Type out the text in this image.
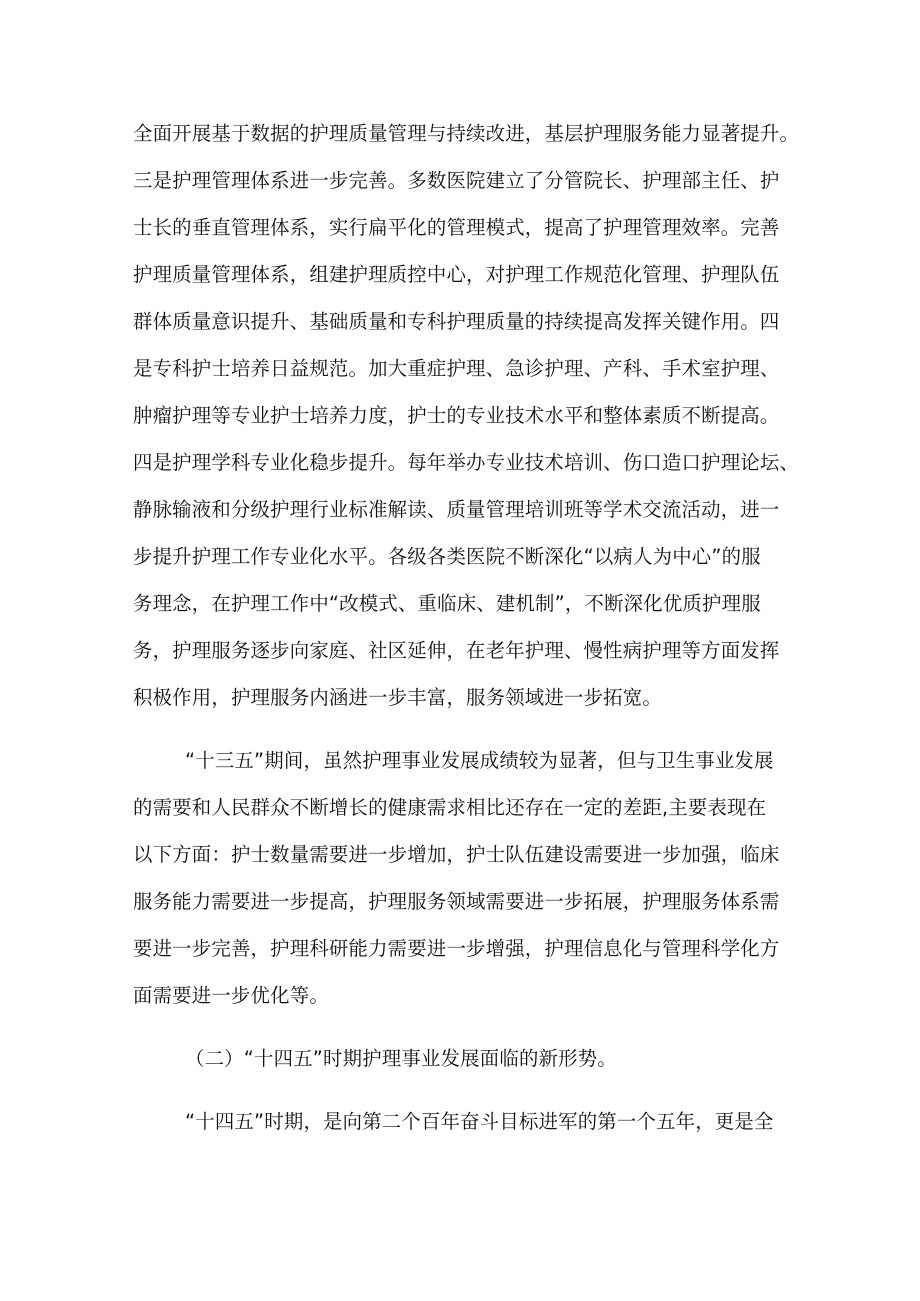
全面开展基于数据的护理质量管理与持续改进，基层护理服务能力显著提升。
三是护理管理体系进一步完善。多数医院建立了分管院长、护理部主任、护
士长的垂直管理体系，实行扁平化的管理模式，提高了护理管理效率。完善
护理质量管理体系，组建护理质控中心，对护理工作规范化管理、护理队伍
群体质量意识提升、基础质量和专科护理质量的持续提高发挥关键作用。四
是专科护士培养日益规范。加大重症护理、急诊护理、产科、手术室护理、
肿瘤护理等专业护士培养力度，护士的专业技术水平和整体素质不断提高。
四是护理学科专业化稳步提升。每年举办专业技术培训、伤口造口护理论坛、
静脉输液和分级护理行业标准解读、质量管理培训班等学术交流活动，进一
步提升护理工作专业化水平。各级各类医院不断深化“以病人为中心”的服
务理念，在护理工作中“改模式、重临床、建机制”，不断深化优质护理服
务，护理服务逐步向家庭、社区延伸，在老年护理、慢性病护理等方面发挥
积极作用，护理服务内涵进一步丰富，服务领域进一步拓宽。
“十三五”期间，虽然护理事业发展成绩较为显著，但与卫生事业发展
的需要和人民群众不断增长的健康需求相比还存在一定的差距,主要表现在
以下方面：护士数量需要进一步增加，护士队伍建设需要进一步加强，临床
服务能力需要进一步提高，护理服务领域需要进一步拓展，护理服务体系需
要进一步完善，护理科研能力需要进一步增强，护理信息化与管理科学化方
面需要进一步优化等。
（二）“十四五”时期护理事业发展面临的新形势。
“十四五”时期，是向第二个百年奋斗目标进军的第一个五年，更是全
